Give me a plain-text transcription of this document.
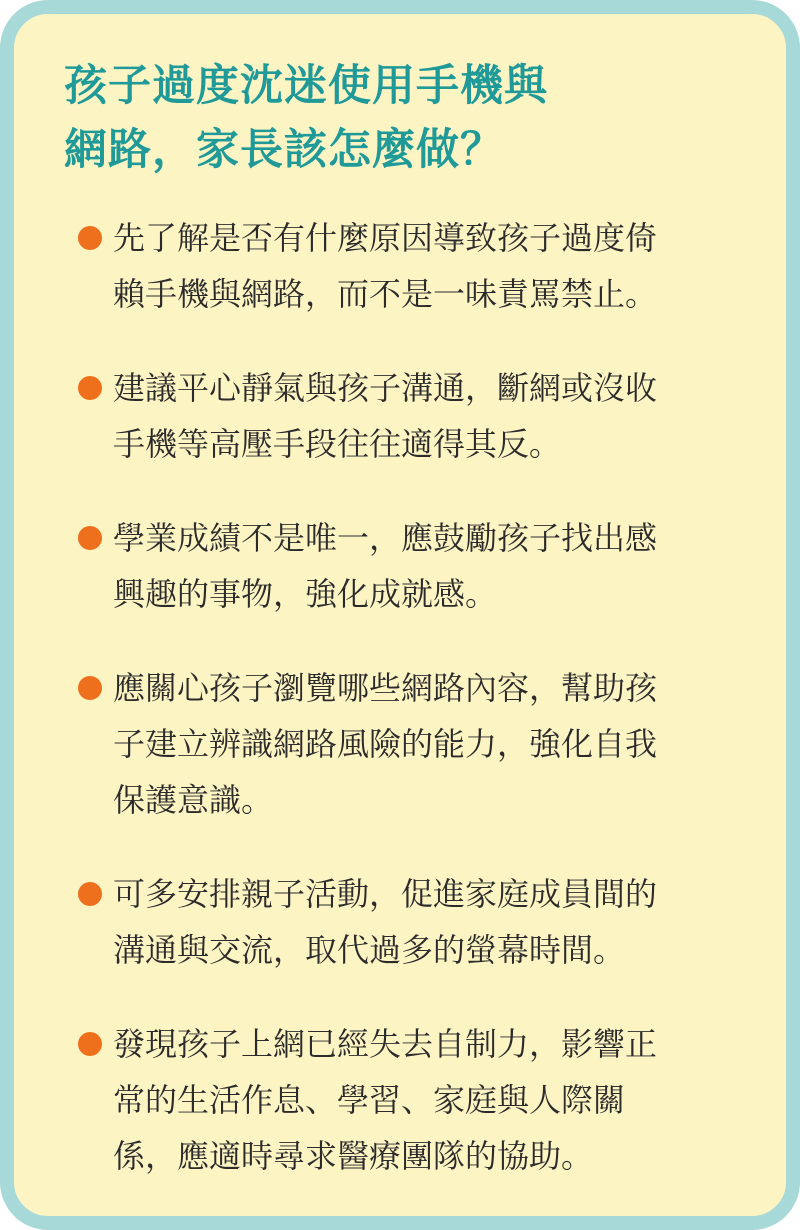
孩子過度沈迷使用手機與
網路，家長該怎麼做？
先了解是否有什麼原因導致孩子過度倚
賴手機與網路，而不是一味責罵禁止。
建議平心靜氣與孩子溝通，斷網或沒收
手機等高壓手段往往適得其反。
學業成績不是唯一，應鼓勵孩子找出感
興趣的事物，強化成就感。
應關心孩子瀏覽哪些網路內容，幫助孩
子建立辨識網路風險的能力，強化自我
保護意識。
可多安排親子活動，促進家庭成員間的
溝通與交流，取代過多的螢幕時間。
發現孩子上網已經失去自制力，影響正
常的生活作息、學習、家庭與人際關
係，應適時尋求醫療團隊的協助。
